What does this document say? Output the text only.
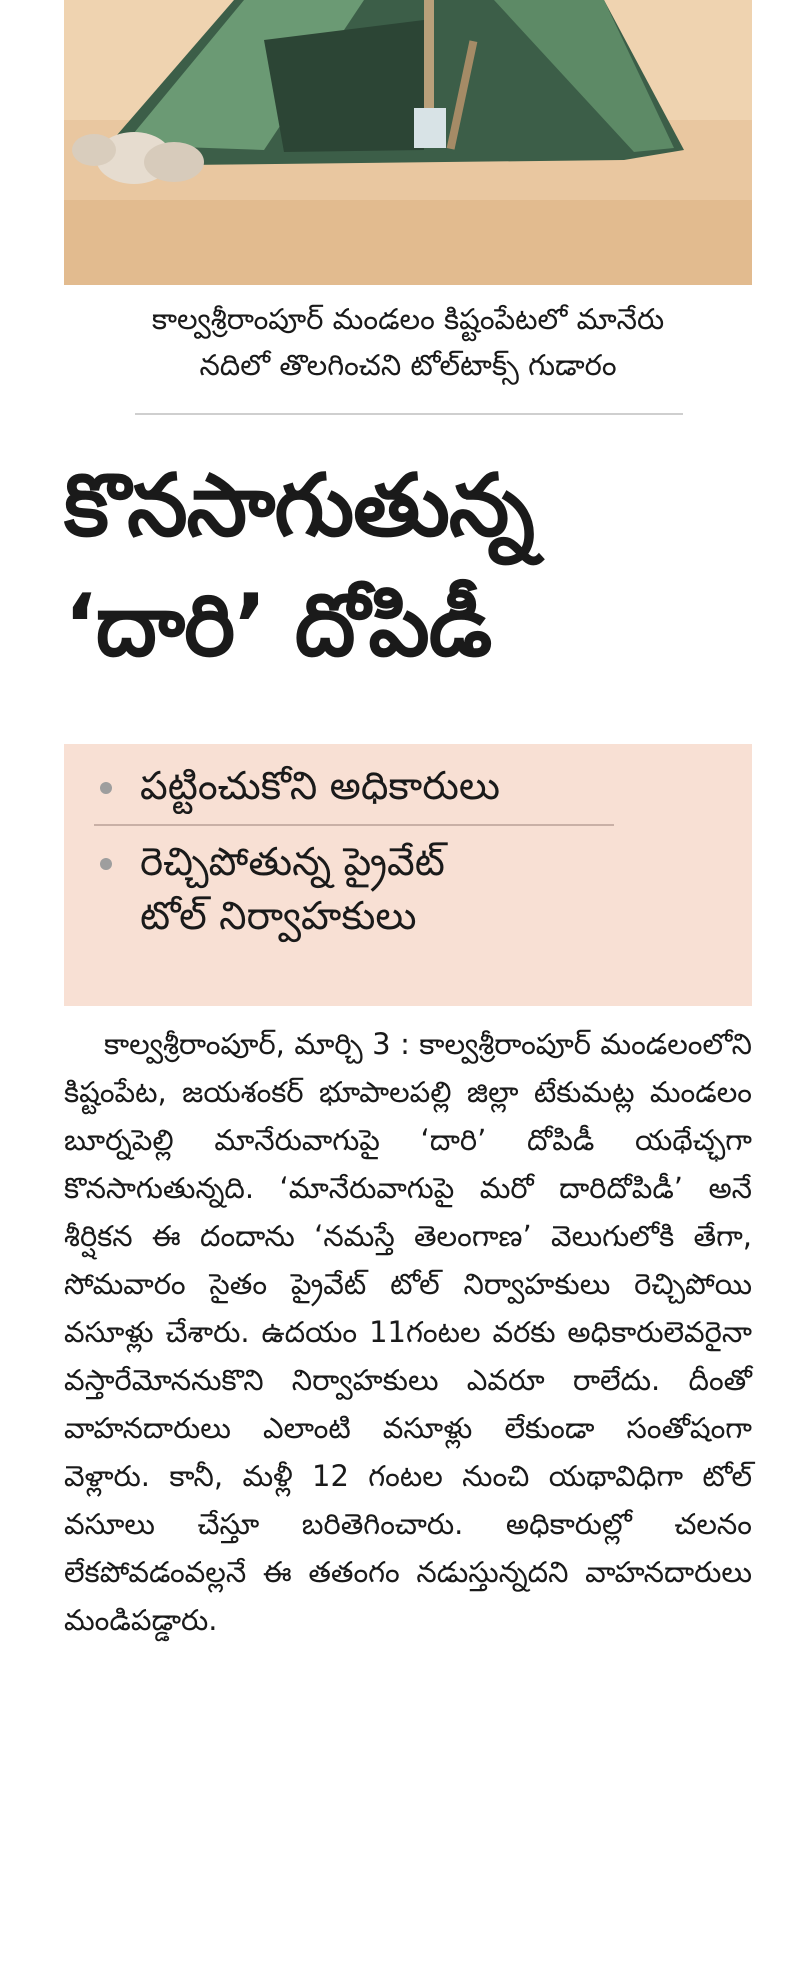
కాల్వశ్రీరాంపూర్ మండలం కిష్టంపేటలో మానేరు
నదిలో తొలగించని టోల్‌టాక్స్ గుడారం
కొనసాగుతున్న
‘దారి’ దోపిడీ
పట్టించుకోని అధికారులు
రెచ్చిపోతున్న ప్రైవేట్
టోల్ నిర్వాహకులు

కాల్వశ్రీరాంపూర్, మార్చి 3 : కాల్వశ్రీరాంపూర్ మండలంలోని కిష్టంపేట, జయశంకర్ భూపాలపల్లి జిల్లా టేకుమట్ల మండలం బూర్నపెల్లి మానేరువాగుపై ‘దారి’ దోపిడీ యథేచ్ఛగా కొనసాగుతున్నది. ‘మానేరువాగుపై మరో దారిదోపిడీ’ అనే శీర్షికన ఈ దందాను ‘నమస్తే తెలంగాణ’ వెలుగులోకి తేగా, సోమవారం సైతం ప్రైవేట్ టోల్ నిర్వాహకులు రెచ్చిపోయి వసూళ్లు చేశారు. ఉదయం 11గంటల వరకు అధికారులెవరైనా వస్తారేమోననుకొని నిర్వాహకులు ఎవరూ రాలేదు. దీంతో వాహనదారులు ఎలాంటి వసూళ్లు లేకుండా సంతోషంగా వెళ్లారు. కానీ, మళ్లీ 12 గంటల నుంచి యథావిధిగా టోల్ వసూలు చేస్తూ బరితెగించారు. అధికారుల్లో చలనం లేకపోవడంవల్లనే ఈ తతంగం నడుస్తున్నదని వాహనదారులు మండిపడ్డారు.
